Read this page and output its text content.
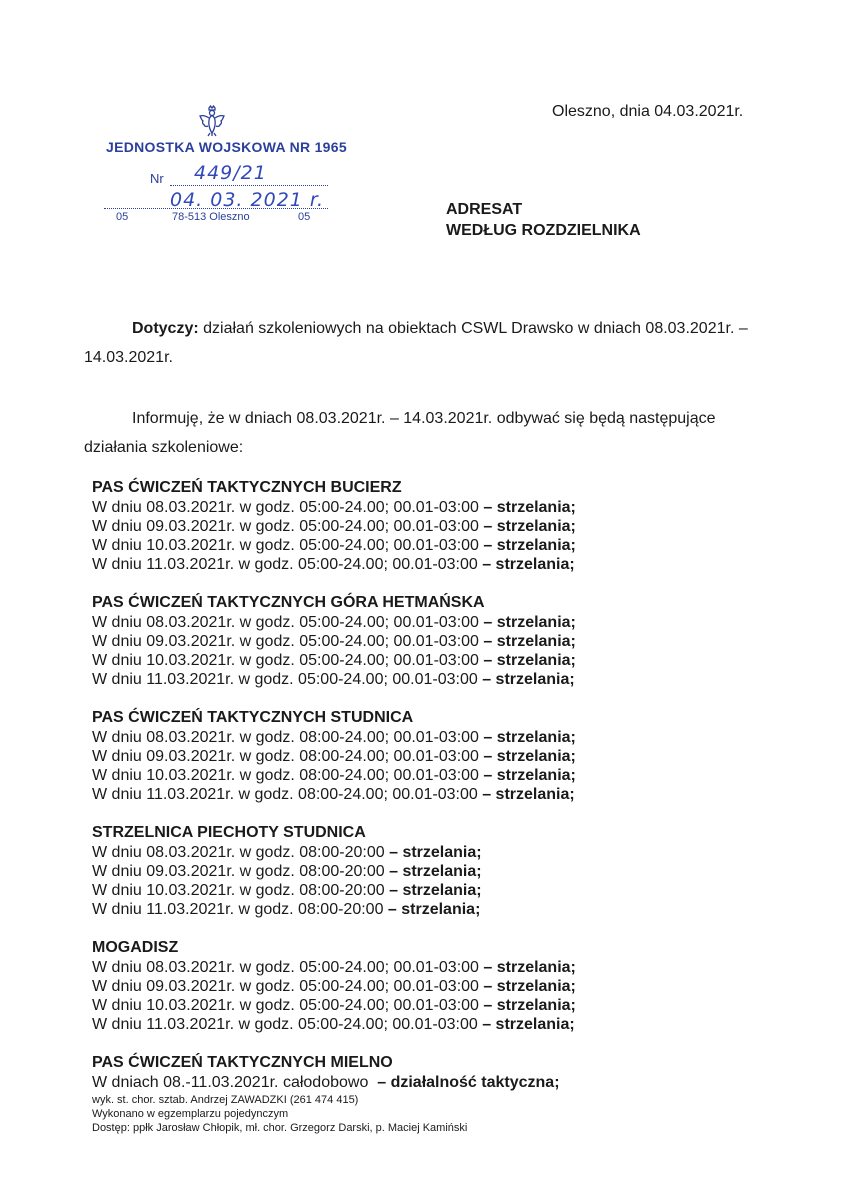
Oleszno, dnia 04.03.2021r.
JEDNOSTKA WOJSKOWA NR 1965
Nr 449/21
04. 03. 2021 r.
05	78-513 Oleszno	05	ADRESAT
WEDŁUG ROZDZIELNIKA
Dotyczy: działań szkoleniowych na obiektach CSWL Drawsko w dniach 08.03.2021r. – 14.03.2021r.
Informuję, że w dniach 08.03.2021r. – 14.03.2021r. odbywać się będą następujące działania szkoleniowe:
PAS ĆWICZEŃ TAKTYCZNYCH BUCIERZ
W dniu 08.03.2021r. w godz. 05:00-24.00; 00.01-03:00 – strzelania;
W dniu 09.03.2021r. w godz. 05:00-24.00; 00.01-03:00 – strzelania;
W dniu 10.03.2021r. w godz. 05:00-24.00; 00.01-03:00 – strzelania;
W dniu 11.03.2021r. w godz. 05:00-24.00; 00.01-03:00 – strzelania;
PAS ĆWICZEŃ TAKTYCZNYCH GÓRA HETMAŃSKA
W dniu 08.03.2021r. w godz. 05:00-24.00; 00.01-03:00 – strzelania;
W dniu 09.03.2021r. w godz. 05:00-24.00; 00.01-03:00 – strzelania;
W dniu 10.03.2021r. w godz. 05:00-24.00; 00.01-03:00 – strzelania;
W dniu 11.03.2021r. w godz. 05:00-24.00; 00.01-03:00 – strzelania;
PAS ĆWICZEŃ TAKTYCZNYCH STUDNICA
W dniu 08.03.2021r. w godz. 08:00-24.00; 00.01-03:00 – strzelania;
W dniu 09.03.2021r. w godz. 08:00-24.00; 00.01-03:00 – strzelania;
W dniu 10.03.2021r. w godz. 08:00-24.00; 00.01-03:00 – strzelania;
W dniu 11.03.2021r. w godz. 08:00-24.00; 00.01-03:00 – strzelania;
STRZELNICA PIECHOTY STUDNICA
W dniu 08.03.2021r. w godz. 08:00-20:00 – strzelania;
W dniu 09.03.2021r. w godz. 08:00-20:00 – strzelania;
W dniu 10.03.2021r. w godz. 08:00-20:00 – strzelania;
W dniu 11.03.2021r. w godz. 08:00-20:00 – strzelania;
MOGADISZ
W dniu 08.03.2021r. w godz. 05:00-24.00; 00.01-03:00 – strzelania;
W dniu 09.03.2021r. w godz. 05:00-24.00; 00.01-03:00 – strzelania;
W dniu 10.03.2021r. w godz. 05:00-24.00; 00.01-03:00 – strzelania;
W dniu 11.03.2021r. w godz. 05:00-24.00; 00.01-03:00 – strzelania;
PAS ĆWICZEŃ TAKTYCZNYCH MIELNO
W dniach 08.-11.03.2021r. całodobowo  – działalność taktyczna;
wyk. st. chor. sztab. Andrzej ZAWADZKI (261 474 415)
Wykonano w egzemplarzu pojedynczym
Dostęp: ppłk Jarosław Chłopik, mł. chor. Grzegorz Darski, p. Maciej Kamiński
